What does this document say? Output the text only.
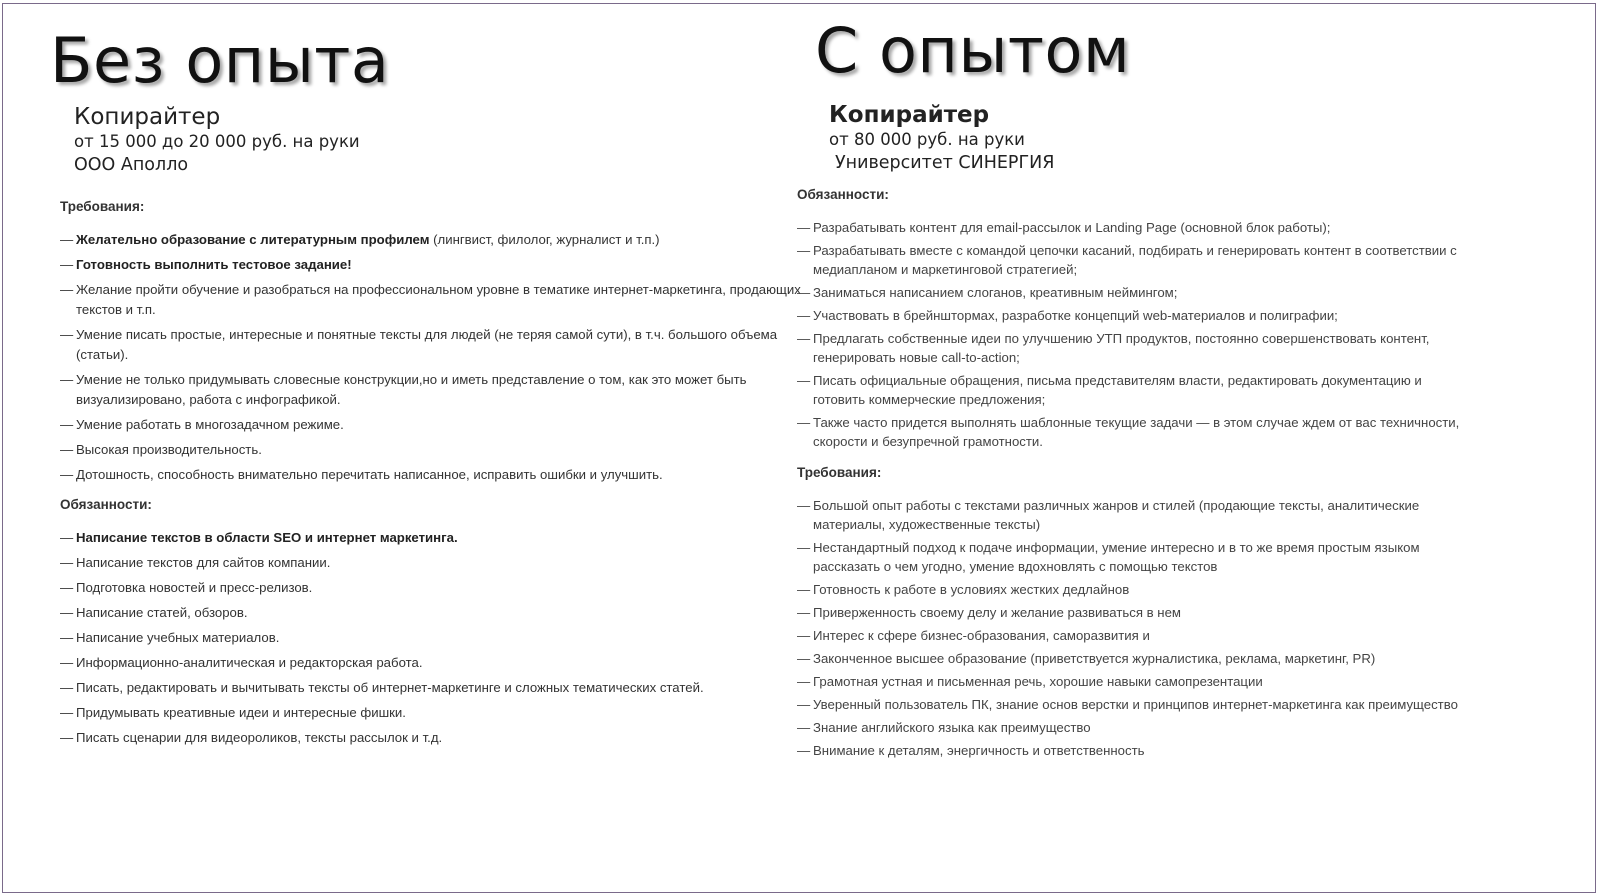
Без опыта

Копирайтер

от 15 000 до 20 000 руб. на руки

ООО Аполло

Требования:

— Желательно образование с литературным профилем (лингвист, филолог, журналист и т.п.)
— Готовность выполнить тестовое задание!
— Желание пройти обучение и разобраться на профессиональном уровне в тематике интернет-маркетинга, продающих текстов и т.п.
— Умение писать простые, интересные и понятные тексты для людей (не теряя самой сути), в т.ч. большого объема (статьи).
— Умение не только придумывать словесные конструкции,но и иметь представление о том, как это может быть визуализировано, работа с инфографикой.
— Умение работать в многозадачном режиме.
— Высокая производительность.
— Дотошность, способность внимательно перечитать написанное, исправить ошибки и улучшить.

Обязанности:

— Написание текстов в области SEO и интернет маркетинга.
— Написание текстов для сайтов компании.
— Подготовка новостей и пресс-релизов.
— Написание статей, обзоров.
— Написание учебных материалов.
— Информационно-аналитическая и редакторская работа.
— Писать, редактировать и вычитывать тексты об интернет-маркетинге и сложных тематических статей.
— Придумывать креативные идеи и интересные фишки.
— Писать сценарии для видеороликов, тексты рассылок и т.д.
С опытом

Копирайтер

от 80 000 руб. на руки

Университет СИНЕРГИЯ

Обязанности:

— Разрабатывать контент для email-рассылок и Landing Page (основной блок работы);
— Разрабатывать вместе с командой цепочки касаний, подбирать и генерировать контент в соответствии с медиапланом и маркетинговой стратегией;
— Заниматься написанием слоганов, креативным неймингом;
— Участвовать в брейнштормах, разработке концепций web-материалов и полиграфии;
— Предлагать собственные идеи по улучшению УТП продуктов, постоянно совершенствовать контент, генерировать новые call-to-action;
— Писать официальные обращения, письма представителям власти, редактировать документацию и готовить коммерческие предложения;
— Также часто придется выполнять шаблонные текущие задачи — в этом случае ждем от вас техничности, скорости и безупречной грамотности.

Требования:

— Большой опыт работы с текстами различных жанров и стилей (продающие тексты, аналитические материалы, художественные тексты)
— Нестандартный подход к подаче информации, умение интересно и в то же время простым языком рассказать о чем угодно, умение вдохновлять с помощью текстов
— Готовность к работе в условиях жестких дедлайнов
— Приверженность своему делу и желание развиваться в нем
— Интерес к сфере бизнес-образования, саморазвития и
— Законченное высшее образование (приветствуется журналистика, реклама, маркетинг, PR)
— Грамотная устная и письменная речь, хорошие навыки самопрезентации
— Уверенный пользователь ПК, знание основ верстки и принципов интернет-маркетинга как преимущество
— Знание английского языка как преимущество
— Внимание к деталям, энергичность и ответственность
